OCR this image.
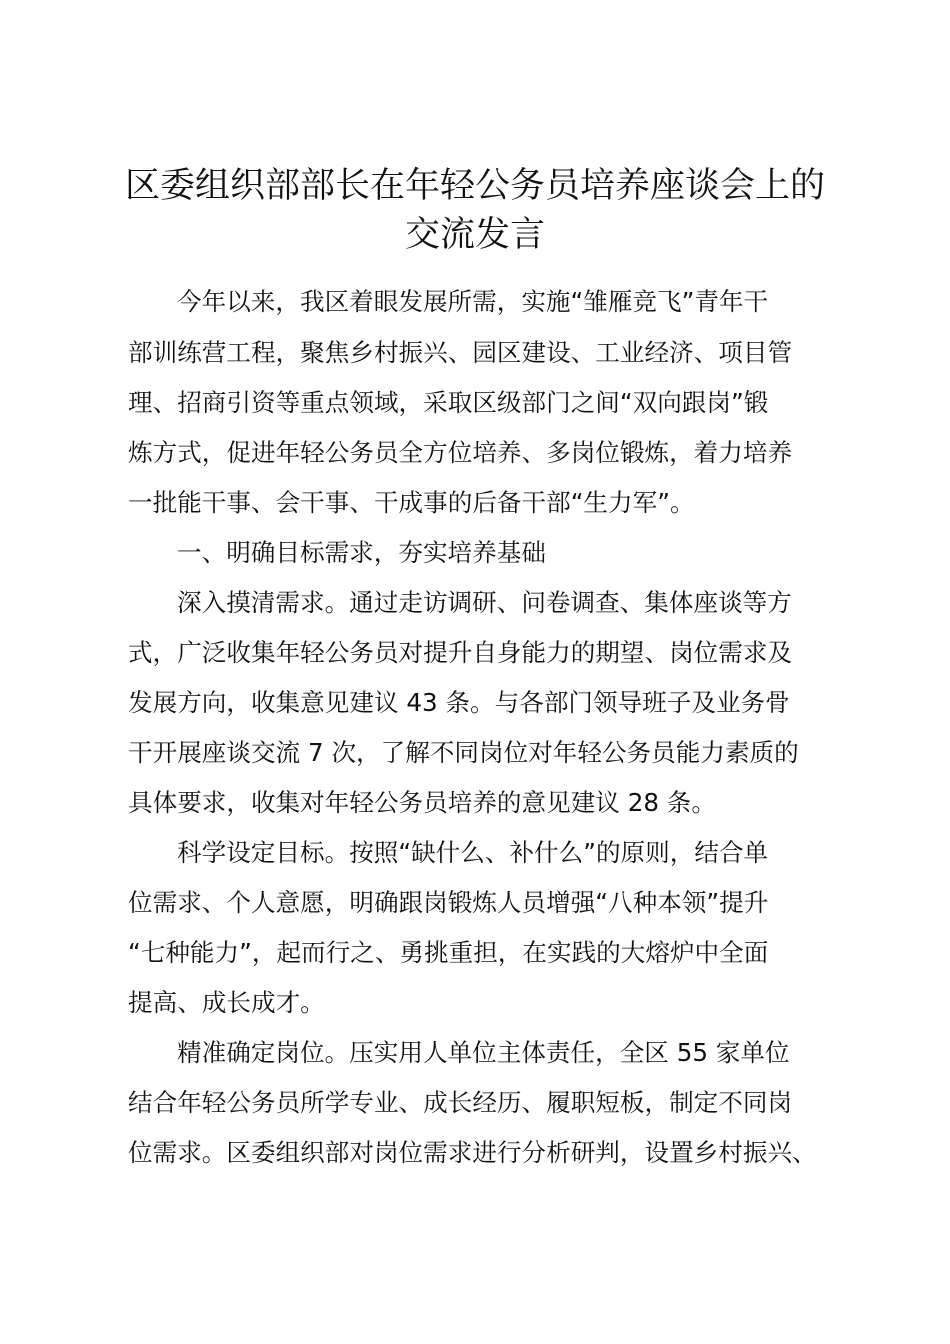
区委组织部部长在年轻公务员培养座谈会上的
交流发言
今年以来，我区着眼发展所需，实施“雏雁竞飞”青年干
部训练营工程，聚焦乡村振兴、园区建设、工业经济、项目管
理、招商引资等重点领域，采取区级部门之间“双向跟岗”锻
炼方式，促进年轻公务员全方位培养、多岗位锻炼，着力培养
一批能干事、会干事、干成事的后备干部“生力军”。
一、明确目标需求，夯实培养基础
深入摸清需求。通过走访调研、问卷调查、集体座谈等方
式，广泛收集年轻公务员对提升自身能力的期望、岗位需求及
发展方向，收集意见建议 43 条。与各部门领导班子及业务骨
干开展座谈交流 7 次，了解不同岗位对年轻公务员能力素质的
具体要求，收集对年轻公务员培养的意见建议 28 条。
科学设定目标。按照“缺什么、补什么”的原则，结合单
位需求、个人意愿，明确跟岗锻炼人员增强“八种本领”提升
“七种能力”，起而行之、勇挑重担，在实践的大熔炉中全面
提高、成长成才。
精准确定岗位。压实用人单位主体责任，全区 55 家单位
结合年轻公务员所学专业、成长经历、履职短板，制定不同岗
位需求。区委组织部对岗位需求进行分析研判，设置乡村振兴、
